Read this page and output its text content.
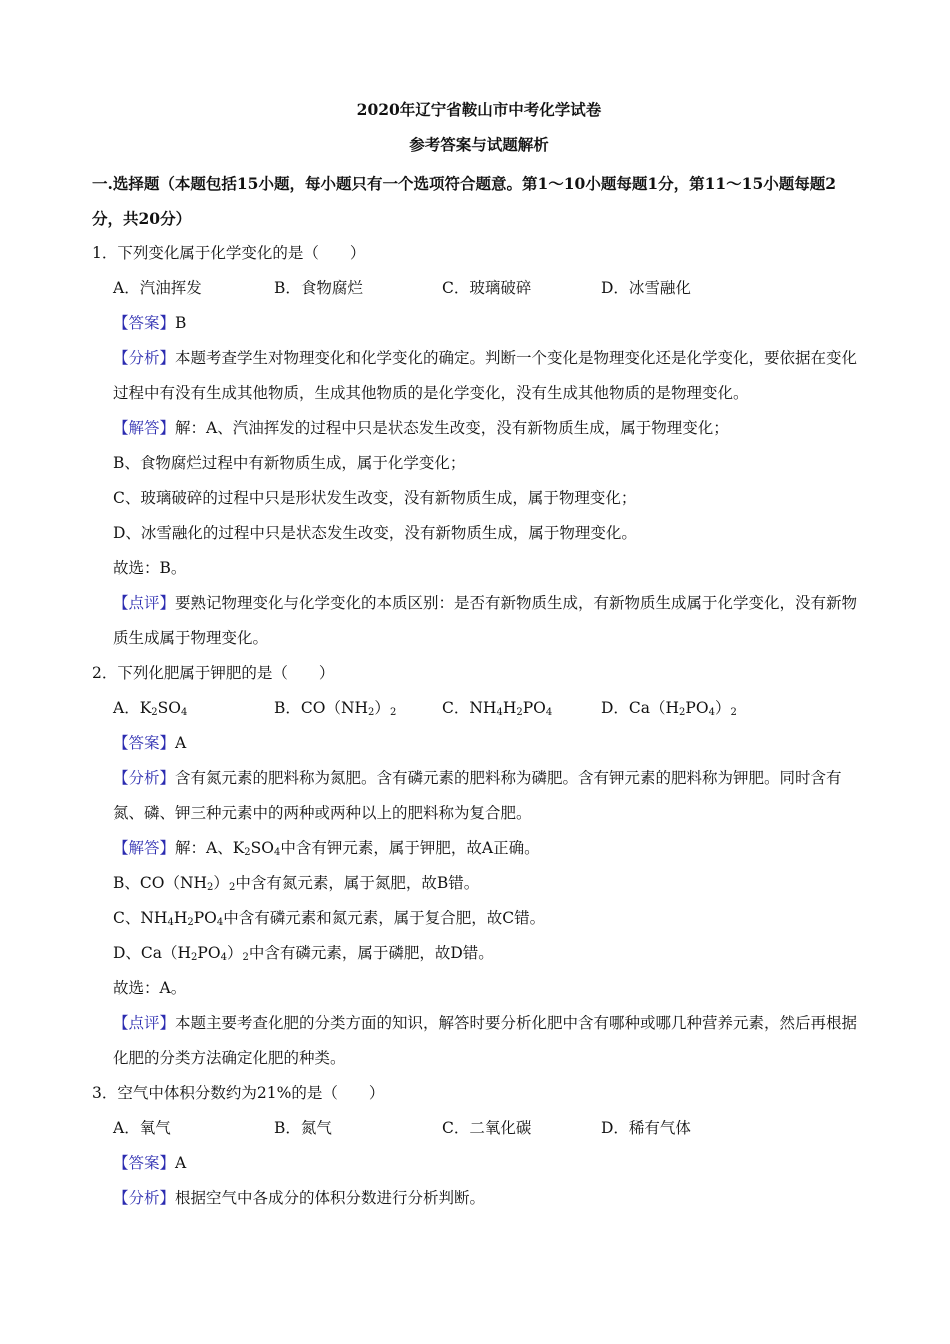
2020年辽宁省鞍山市中考化学试卷

参考答案与试题解析

一.选择题（本题包括15小题，每小题只有一个选项符合题意。第1～10小题每题1分，第11～15小题每题2分，共20分）

1．下列变化属于化学变化的是（　　）

A．汽油挥发	B．食物腐烂	C．玻璃破碎	D．冰雪融化

【答案】B

【分析】本题考查学生对物理变化和化学变化的确定。判断一个变化是物理变化还是化学变化，要依据在变化过程中有没有生成其他物质，生成其他物质的是化学变化，没有生成其他物质的是物理变化。

【解答】解：A、汽油挥发的过程中只是状态发生改变，没有新物质生成，属于物理变化；

B、食物腐烂过程中有新物质生成，属于化学变化；

C、玻璃破碎的过程中只是形状发生改变，没有新物质生成，属于物理变化；

D、冰雪融化的过程中只是状态发生改变，没有新物质生成，属于物理变化。

故选：B。

【点评】要熟记物理变化与化学变化的本质区别：是否有新物质生成，有新物质生成属于化学变化，没有新物质生成属于物理变化。

2．下列化肥属于钾肥的是（　　）

A．$K_2SO_4$	B．$CO(NH_2)_2$	C．$NH_4H_2PO_4$	D．$Ca(H_2PO_4)_2$

【答案】A

【分析】含有氮元素的肥料称为氮肥。含有磷元素的肥料称为磷肥。含有钾元素的肥料称为钾肥。同时含有氮、磷、钾三种元素中的两种或两种以上的肥料称为复合肥。

【解答】解：A、$K_2SO_4$中含有钾元素，属于钾肥，故A正确。

B、$CO(NH_2)_2$中含有氮元素，属于氮肥，故B错。

C、$NH_4H_2PO_4$中含有磷元素和氮元素，属于复合肥，故C错。

D、$Ca(H_2PO_4)_2$中含有磷元素，属于磷肥，故D错。

故选：A。

【点评】本题主要考查化肥的分类方面的知识，解答时要分析化肥中含有哪种或哪几种营养元素，然后再根据化肥的分类方法确定化肥的种类。

3．空气中体积分数约为21%的是（　　）

A．氧气	B．氮气	C．二氧化碳	D．稀有气体

【答案】A

【分析】根据空气中各成分的体积分数进行分析判断。
